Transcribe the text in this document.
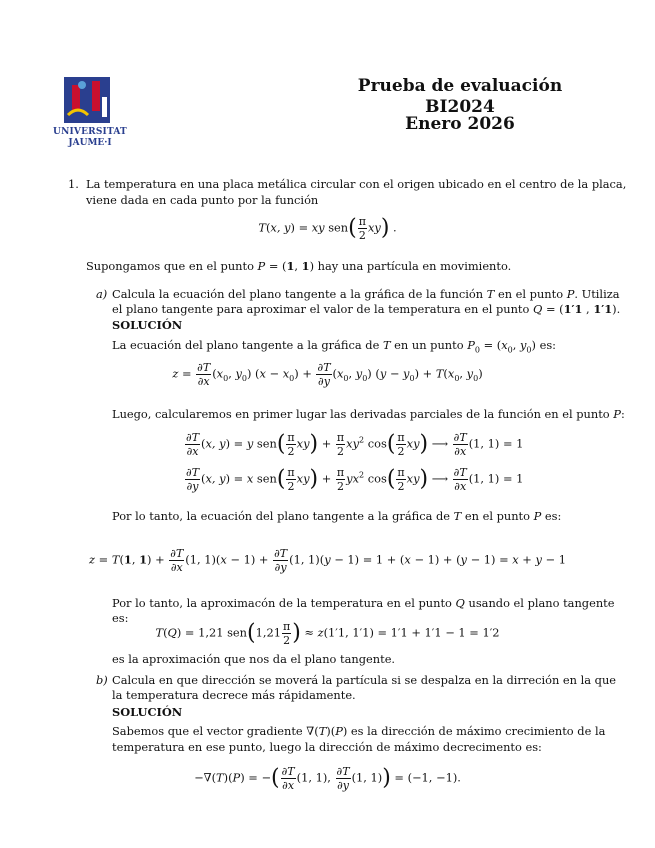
UNIVERSITAT
JAUME·I
Prueba de evaluación
BI2024
Enero 2026
1. La temperatura en una placa metálica circular con el origen ubicado en el centro de la placa,
viene dada en cada punto por la función
T(x, y) = xy $sen( \frac{\pi}{2} xy)$ .
Supongamos que en el punto P = (1, 1) hay una partícula en movimiento.
a) Calcula la ecuación del plano tangente a la gráfica de la función T en el punto P. Utiliza
el plano tangente para aproximar el valor de la temperatura en el punto Q = (1′1 , 1′1).
SOLUCIÓN
La ecuación del plano tangente a la gráfica de T en un punto $P_0 = (x_0$, $y_0$) es:
$z = \frac{\partial T}{\partial x} (x_0$, $y_0$) $(x - x_0) + \frac{\partial T}{\partial y} (x_0$, $y_0$) $(y - y_0) + T(x_0$, $y_0$)
Luego, calcularemos en primer lugar las derivadas parciales de la función en el punto P:
$\frac{\partial T}{\partial x} (x$, y) = y $sen( \frac{\pi}{2} xy) + \frac{\pi}{2} xy^2$ $\cos( \frac{\pi}{2} xy)$ ⟶ $\frac{\partial T}{\partial x} (1$, 1) = 1
$\frac{\partial T}{\partial y} (x$, y) = x $sen( \frac{\pi}{2} xy) + \frac{\pi}{2} yx^2$ $\cos( \frac{\pi}{2} xy)$ ⟶ $\frac{\partial T}{\partial x} (1$, 1) = 1
Por lo tanto, la ecuación del plano tangente a la gráfica de T en el punto P es:
z = T(1, $1) + \frac{\partial T}{\partial x} (1$, $1)(x - 1) + \frac{\partial T}{\partial y} (1$, 1)(y − 1) = 1 + (x − 1) + (y − 1) = x + y − 1
Por lo tanto, la aproximacón de la temperatura en el punto Q usando el plano tangente
es:
T(Q) = 1,21 $sen(1,21 \frac{\pi}{2}$ ) ≈ z(1′1, 1′1) = 1′1 + 1′1 − 1 = 1′2
es la aproximación que nos da el plano tangente.
b) Calcula en que dirección se moverá la partícula si se despalza en la dirreción en la que
la temperatura decrece más rápidamente.
SOLUCIÓN
Sabemos que el vector gradiente ∇(T)(P) es la dirección de máximo crecimiento de la
temperatura en ese punto, luego la dirección de máximo decrecimento es:
−∇(T)(P) = −( $\frac{\partial T}{\partial x} (1$, 1), $\frac{\partial T}{\partial y} (1$, 1)) = (−1, −1).
